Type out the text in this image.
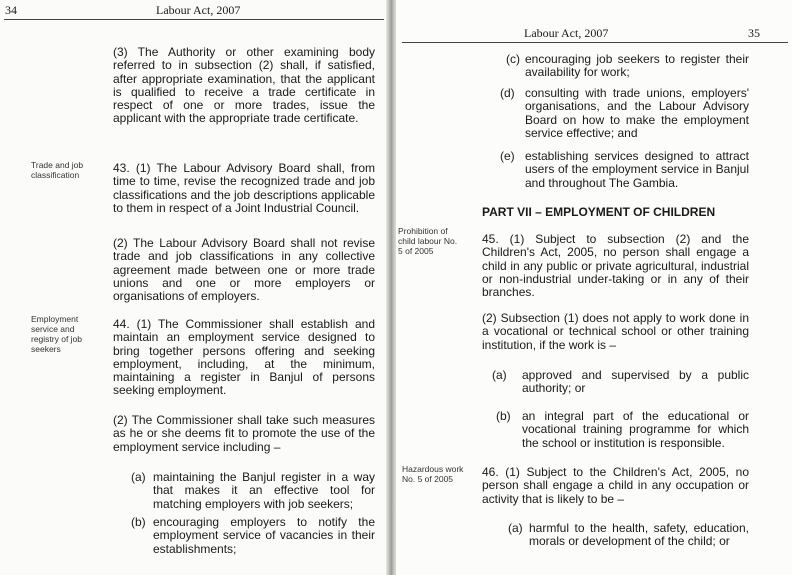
34	Labour Act, 2007

(3) The Authority or other examining body referred to in subsection (2) shall, if satisfied, after appropriate examination, that the applicant is qualified to receive a trade certificate in respect of one or more trades, issue the applicant with the appropriate trade certificate.

Trade and job classification	43. (1) The Labour Advisory Board shall, from time to time, revise the recognized trade and job classifications and the job descriptions applicable to them in respect of a Joint Industrial Council.

(2) The Labour Advisory Board shall not revise trade and job classifications in any collective agreement made between one or more trade unions and one or more employers or organisations of employers.

Employment service and registry of job seekers

44. (1) The Commissioner shall establish and maintain an employment service designed to bring together persons offering and seeking employment, including, at the minimum, maintaining a register in Banjul of persons seeking employment.

(2) The Commissioner shall take such measures as he or she deems fit to promote the use of the employment service including –

(a) maintaining the Banjul register in a way that makes it an effective tool for matching employers with job seekers;

(b) encouraging employers to notify the employment service of vacancies in their establishments;

Labour Act, 2007	35
(c) encouraging job seekers to register their availability for work;

(d) consulting with trade unions, employers' organisations, and the Labour Advisory Board on how to make the employment service effective; and

(e) establishing services designed to attract users of the employment service in Banjul and throughout The Gambia.

PART VII – EMPLOYMENT OF CHILDREN

Prohibition of child labour No. 5 of 2005

45. (1) Subject to subsection (2) and the Children's Act, 2005, no person shall engage a child in any public or private agricultural, industrial or non-industrial under-taking or in any of their branches.

(2) Subsection (1) does not apply to work done in a vocational or technical school or other training institution, if the work is –

(a) approved and supervised by a public authority; or

(b) an integral part of the educational or vocational training programme for which the school or institution is responsible.

Hazardous work No. 5 of 2005	46. (1) Subject to the Children's Act, 2005, no person shall engage a child in any occupation or activity that is likely to be –

(a) harmful to the health, safety, education, morals or development of the child; or
